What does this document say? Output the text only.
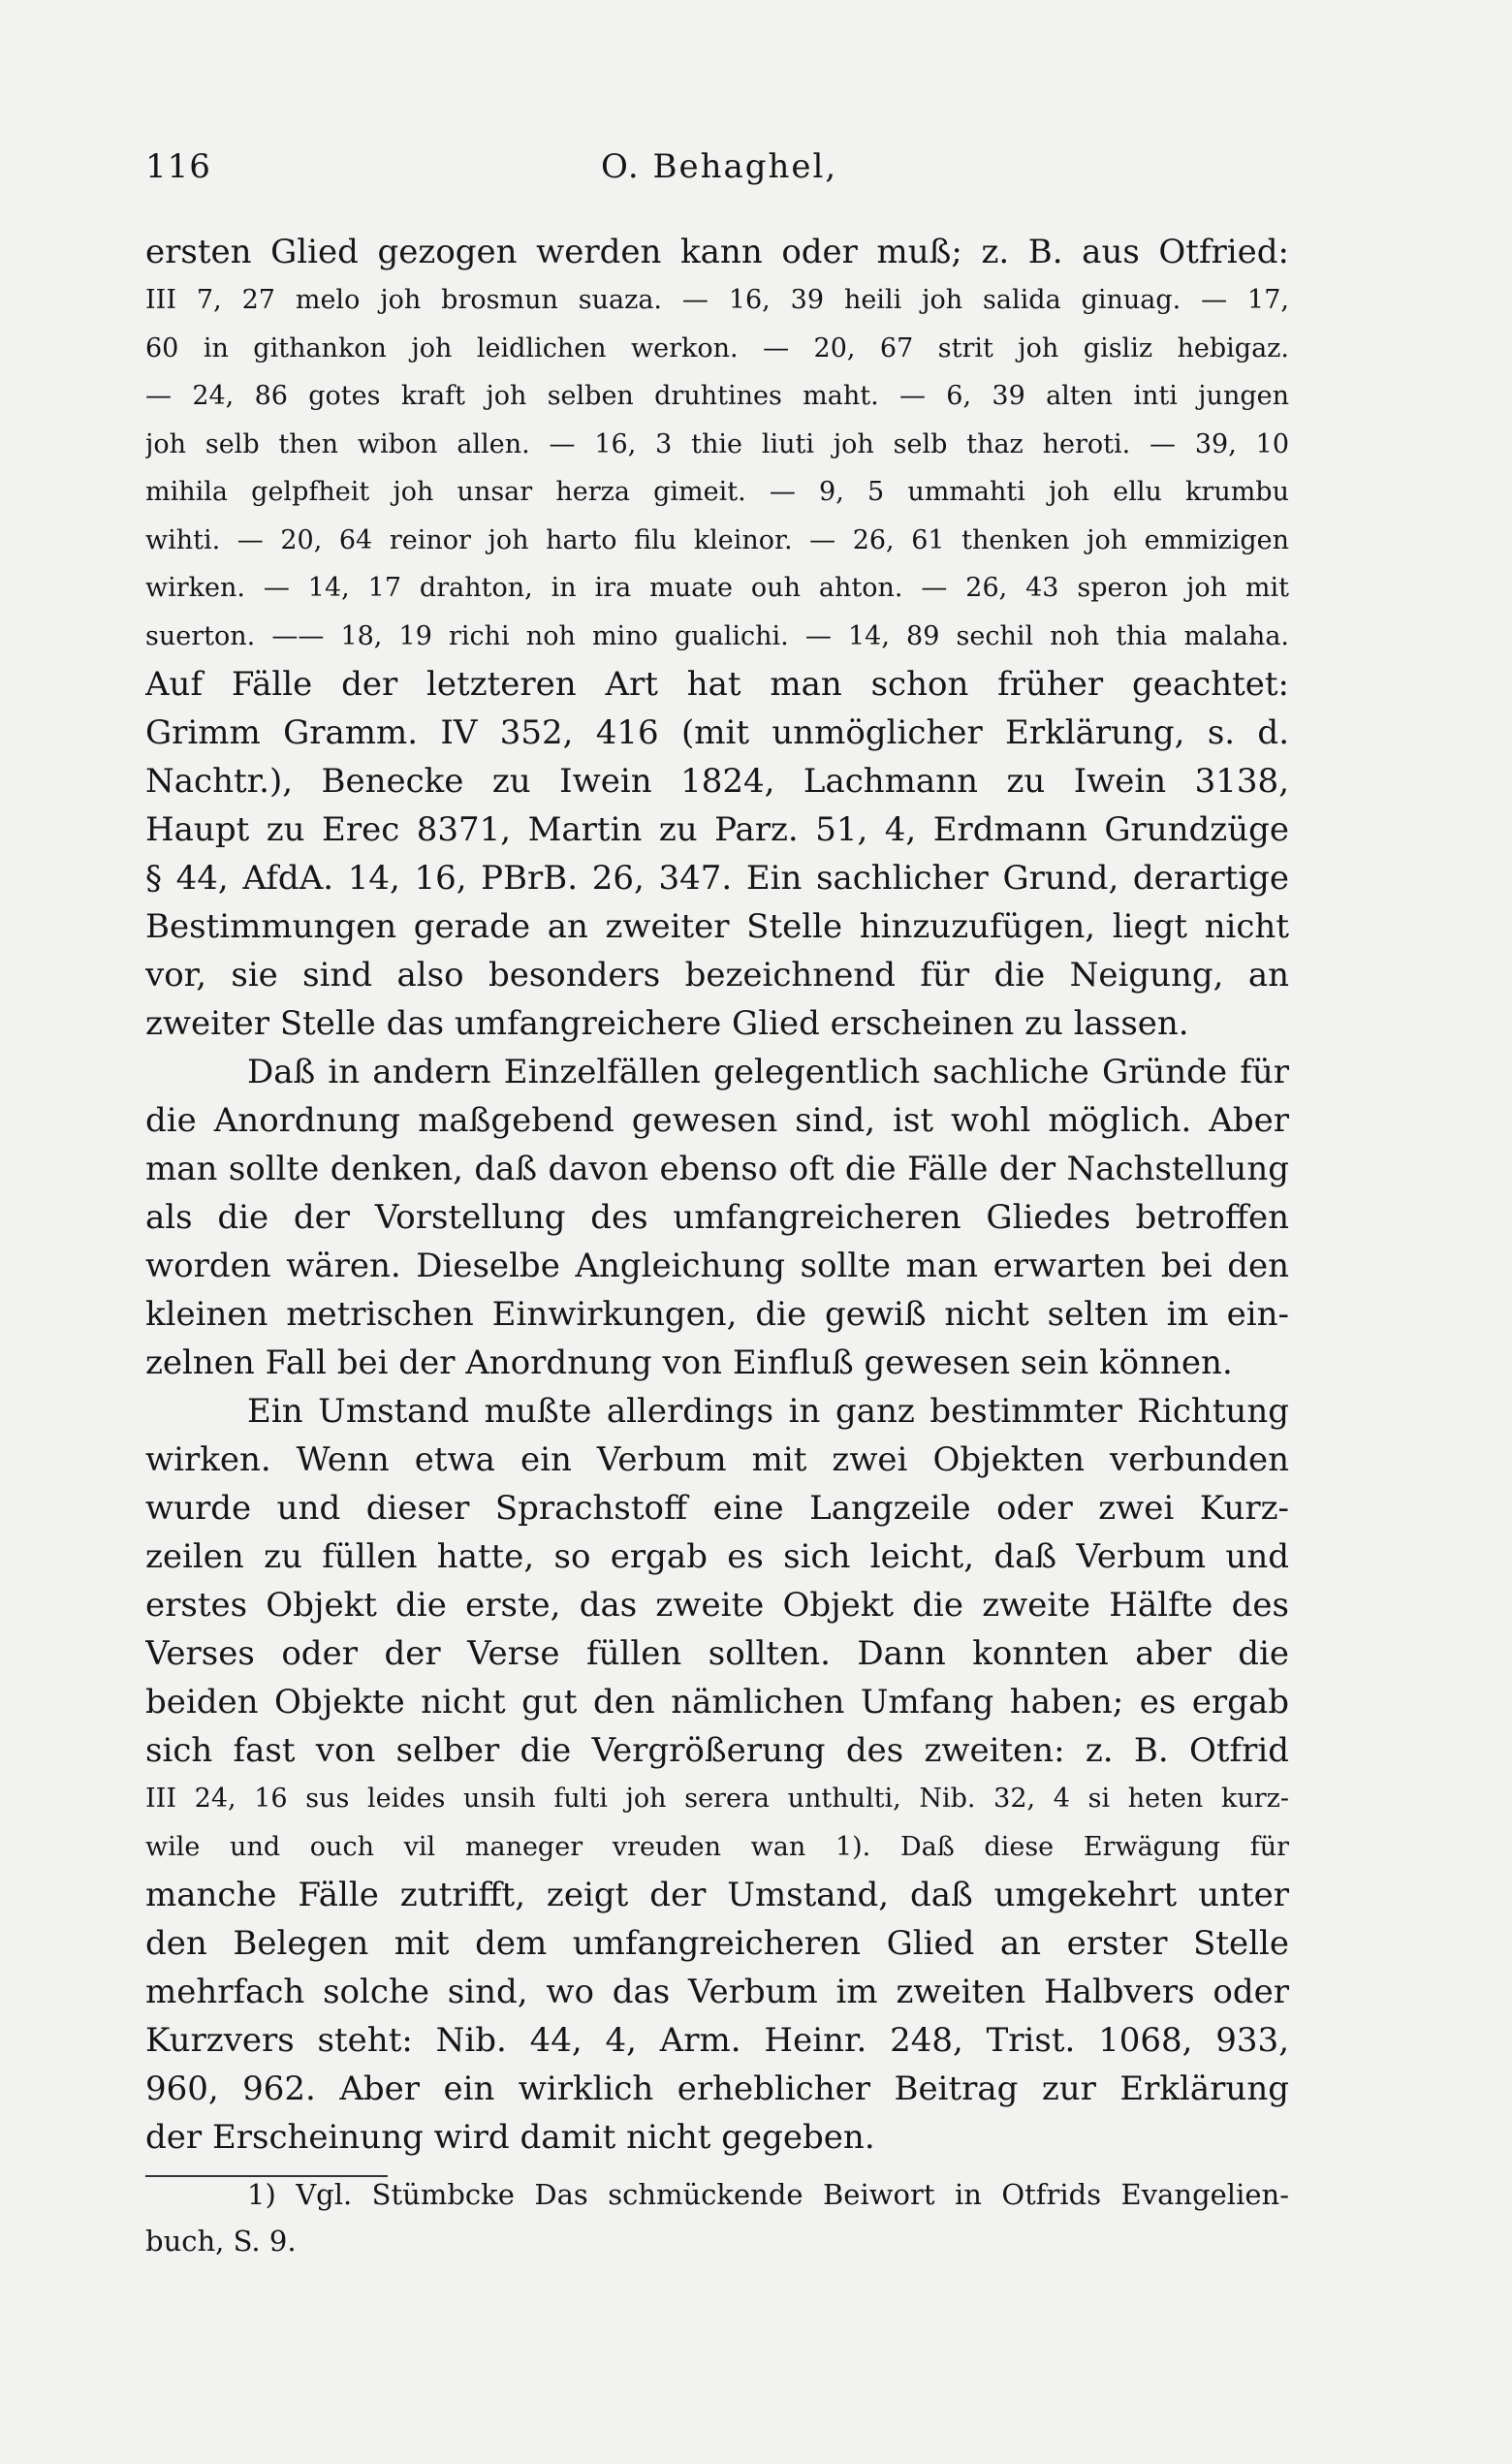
116	O. Behaghel,
ersten Glied gezogen werden kann oder muß; z. B. aus Otfried:
III 7, 27 melo joh brosmun suaza. — 16, 39 heili joh salida ginuag. — 17,
60 in githankon joh leidlichen werkon. — 20, 67 strit joh gisliz hebigaz.
— 24, 86 gotes kraft joh selben druhtines maht. — 6, 39 alten inti jungen
joh selb then wibon allen. — 16, 3 thie liuti joh selb thaz heroti. — 39, 10
mihila gelpfheit joh unsar herza gimeit. — 9, 5 ummahti joh ellu krumbu
wihti. — 20, 64 reinor joh harto filu kleinor. — 26, 61 thenken joh emmizigen
wirken. — 14, 17 drahton, in ira muate ouh ahton. — 26, 43 speron joh mit
suerton. —— 18, 19 richi noh mino gualichi. — 14, 89 sechil noh thia malaha.
Auf Fälle der letzteren Art hat man schon früher geachtet:
Grimm Gramm. IV 352, 416 (mit unmöglicher Erklärung, s. d.
Nachtr.), Benecke zu Iwein 1824, Lachmann zu Iwein 3138,
Haupt zu Erec 8371, Martin zu Parz. 51, 4, Erdmann Grundzüge
§ 44, AfdA. 14, 16, PBrB. 26, 347. Ein sachlicher Grund, derartige
Bestimmungen gerade an zweiter Stelle hinzuzufügen, liegt nicht
vor, sie sind also besonders bezeichnend für die Neigung, an
zweiter Stelle das umfangreichere Glied erscheinen zu lassen.
Daß in andern Einzelfällen gelegentlich sachliche Gründe für
die Anordnung maßgebend gewesen sind, ist wohl möglich. Aber
man sollte denken, daß davon ebenso oft die Fälle der Nachstellung
als die der Vorstellung des umfangreicheren Gliedes betroffen
worden wären. Dieselbe Angleichung sollte man erwarten bei den
kleinen metrischen Einwirkungen, die gewiß nicht selten im ein-
zelnen Fall bei der Anordnung von Einfluß gewesen sein können.
Ein Umstand mußte allerdings in ganz bestimmter Richtung
wirken. Wenn etwa ein Verbum mit zwei Objekten verbunden
wurde und dieser Sprachstoff eine Langzeile oder zwei Kurz-
zeilen zu füllen hatte, so ergab es sich leicht, daß Verbum und
erstes Objekt die erste, das zweite Objekt die zweite Hälfte des
Verses oder der Verse füllen sollten. Dann konnten aber die
beiden Objekte nicht gut den nämlichen Umfang haben; es ergab
sich fast von selber die Vergrößerung des zweiten: z. B. Otfrid
III 24, 16 sus leides unsih fulti joh serera unthulti, Nib. 32, 4 si heten kurz-
wile und ouch vil maneger vreuden wan 1). Daß diese Erwägung für
manche Fälle zutrifft, zeigt der Umstand, daß umgekehrt unter
den Belegen mit dem umfangreicheren Glied an erster Stelle
mehrfach solche sind, wo das Verbum im zweiten Halbvers oder
Kurzvers steht: Nib. 44, 4, Arm. Heinr. 248, Trist. 1068, 933,
960, 962. Aber ein wirklich erheblicher Beitrag zur Erklärung
der Erscheinung wird damit nicht gegeben.
1) Vgl. Stümbcke Das schmückende Beiwort in Otfrids Evangelien-
buch, S. 9.
